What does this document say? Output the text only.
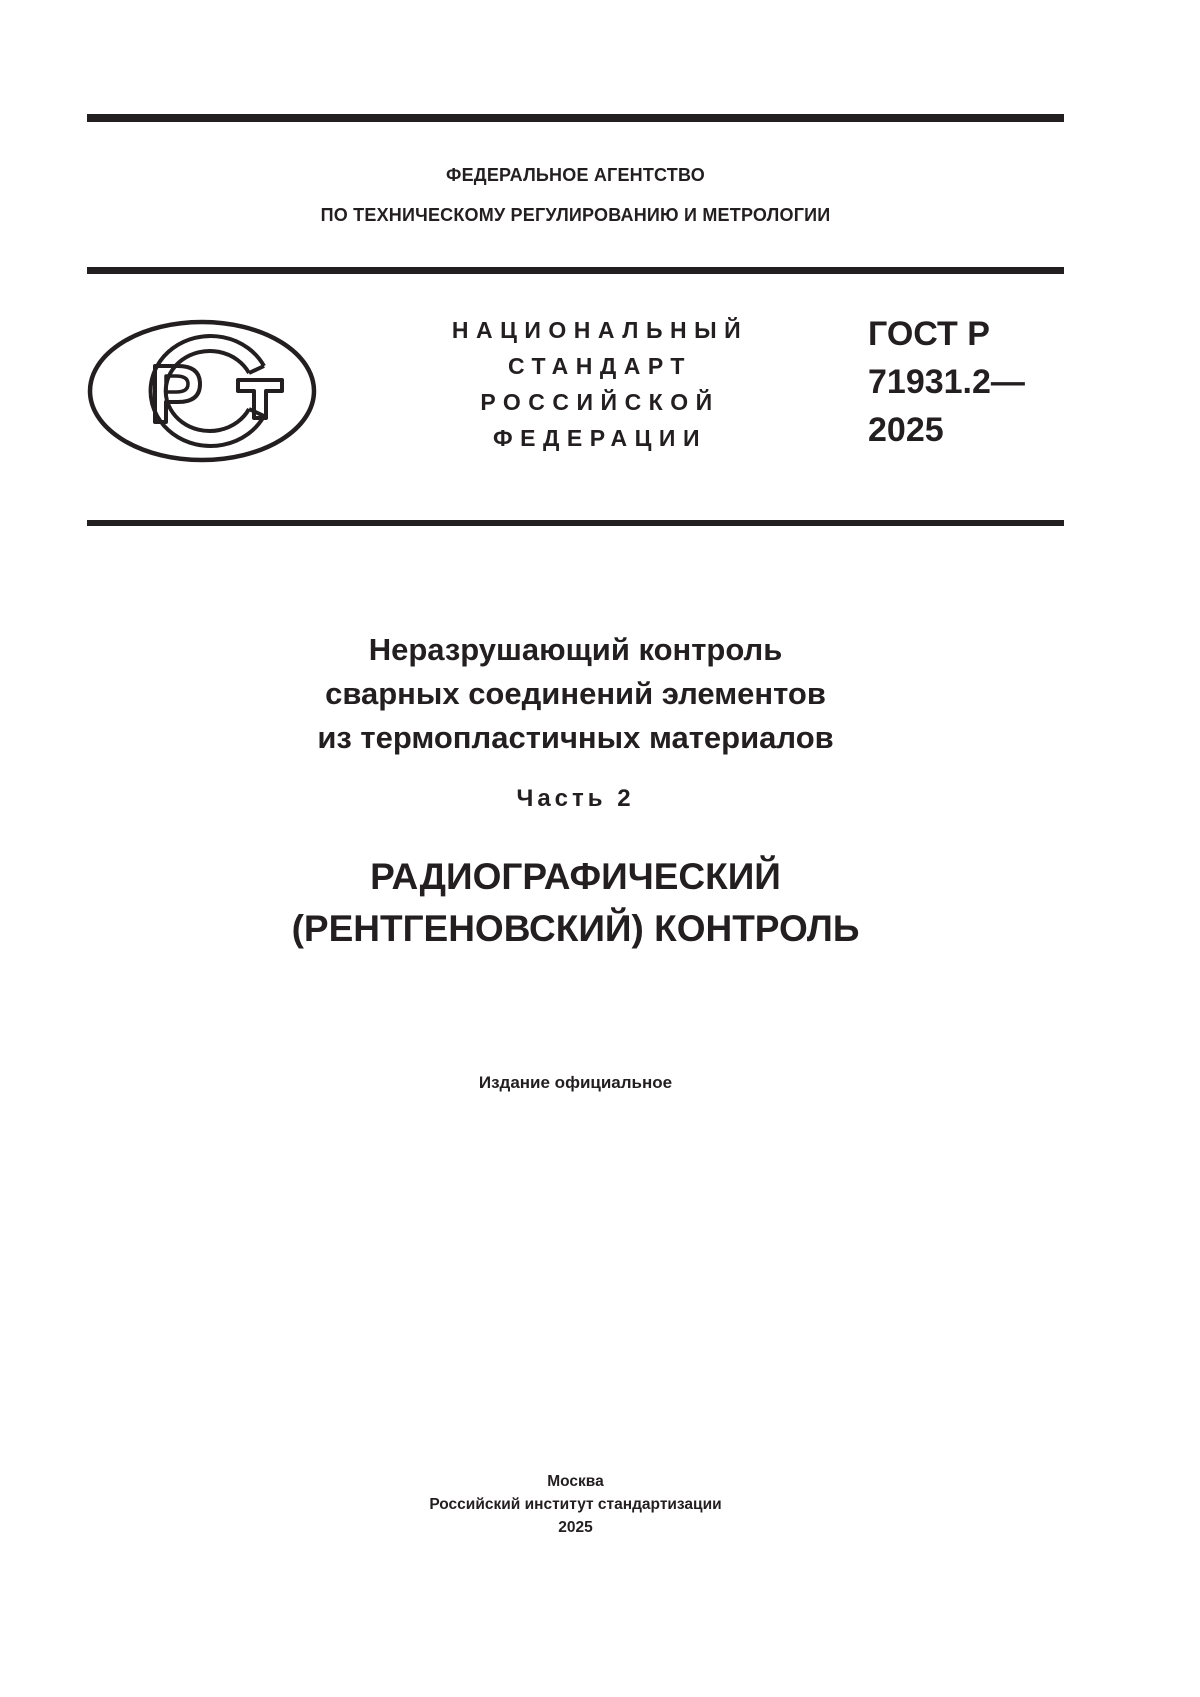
ФЕДЕРАЛЬНОЕ АГЕНТСТВО
ПО ТЕХНИЧЕСКОМУ РЕГУЛИРОВАНИЮ И МЕТРОЛОГИИ
НАЦИОНАЛЬНЫЙ
СТАНДАРТ
РОССИЙСКОЙ
ФЕДЕРАЦИИ
ГОСТ Р
71931.2—
2025
Неразрушающий контроль
сварных соединений элементов
из термопластичных материалов
Часть 2
РАДИОГРАФИЧЕСКИЙ
(РЕНТГЕНОВСКИЙ) КОНТРОЛЬ
Издание официальное
Москва
Российский институт стандартизации
2025
